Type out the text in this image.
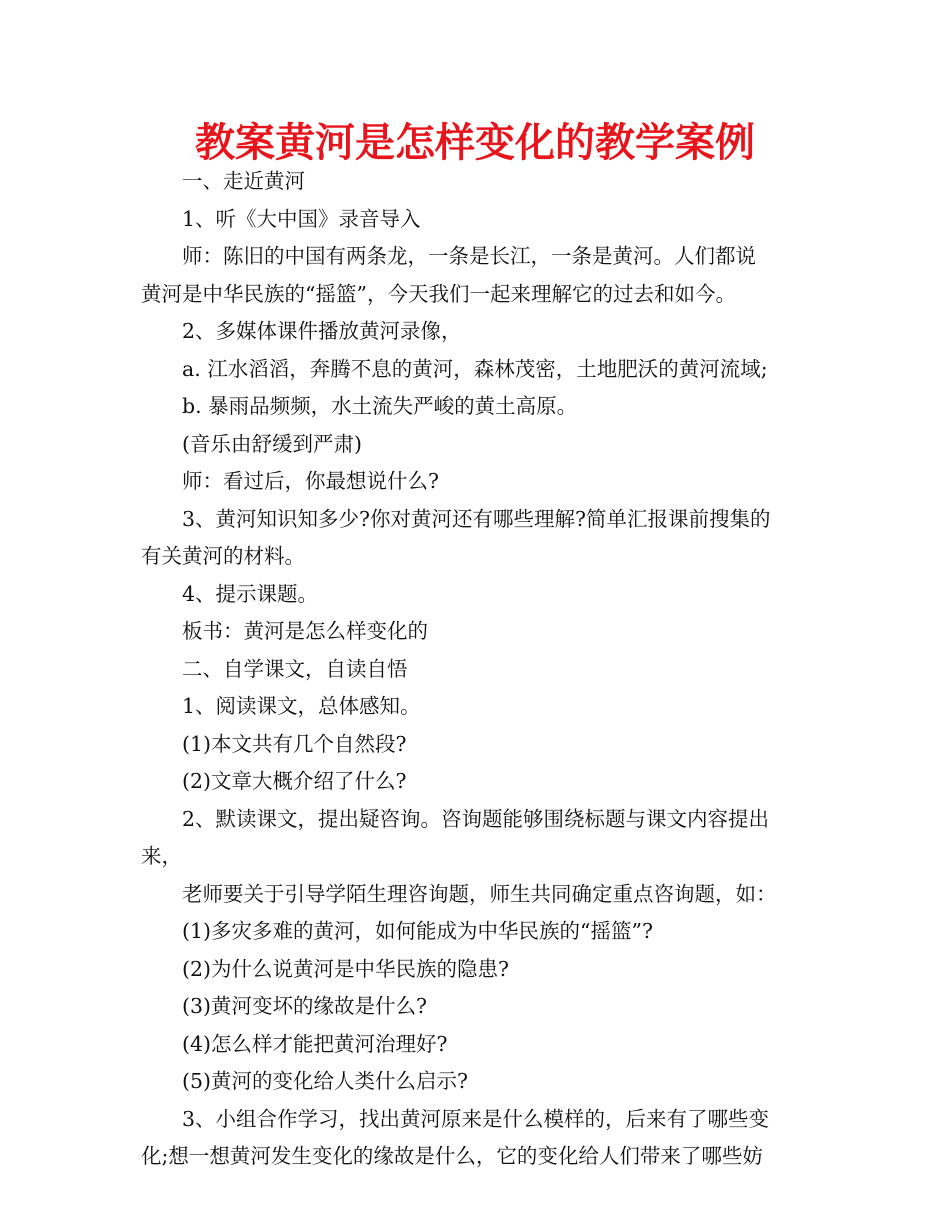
教案黄河是怎样变化的教学案例
一、走近黄河
1、听《大中国》录音导入
师：陈旧的中国有两条龙，一条是长江，一条是黄河。人们都说
黄河是中华民族的“摇篮”，今天我们一起来理解它的过去和如今。
2、多媒体课件播放黄河录像，
a. 江水滔滔，奔腾不息的黄河，森林茂密，土地肥沃的黄河流域;
b. 暴雨品频频，水土流失严峻的黄土高原。
(音乐由舒缓到严肃)
师：看过后，你最想说什么?
3、黄河知识知多少?你对黄河还有哪些理解?简单汇报课前搜集的
有关黄河的材料。
4、提示课题。
板书：黄河是怎么样变化的
二、自学课文，自读自悟
1、阅读课文，总体感知。
(1)本文共有几个自然段?
(2)文章大概介绍了什么?
2、默读课文，提出疑咨询。咨询题能够围绕标题与课文内容提出
来，
老师要关于引导学陌生理咨询题，师生共同确定重点咨询题，如：
(1)多灾多难的黄河，如何能成为中华民族的“摇篮”?
(2)为什么说黄河是中华民族的隐患?
(3)黄河变坏的缘故是什么?
(4)怎么样才能把黄河治理好?
(5)黄河的变化给人类什么启示?
3、小组合作学习，找出黄河原来是什么模样的，后来有了哪些变
化;想一想黄河发生变化的缘故是什么，它的变化给人们带来了哪些妨
